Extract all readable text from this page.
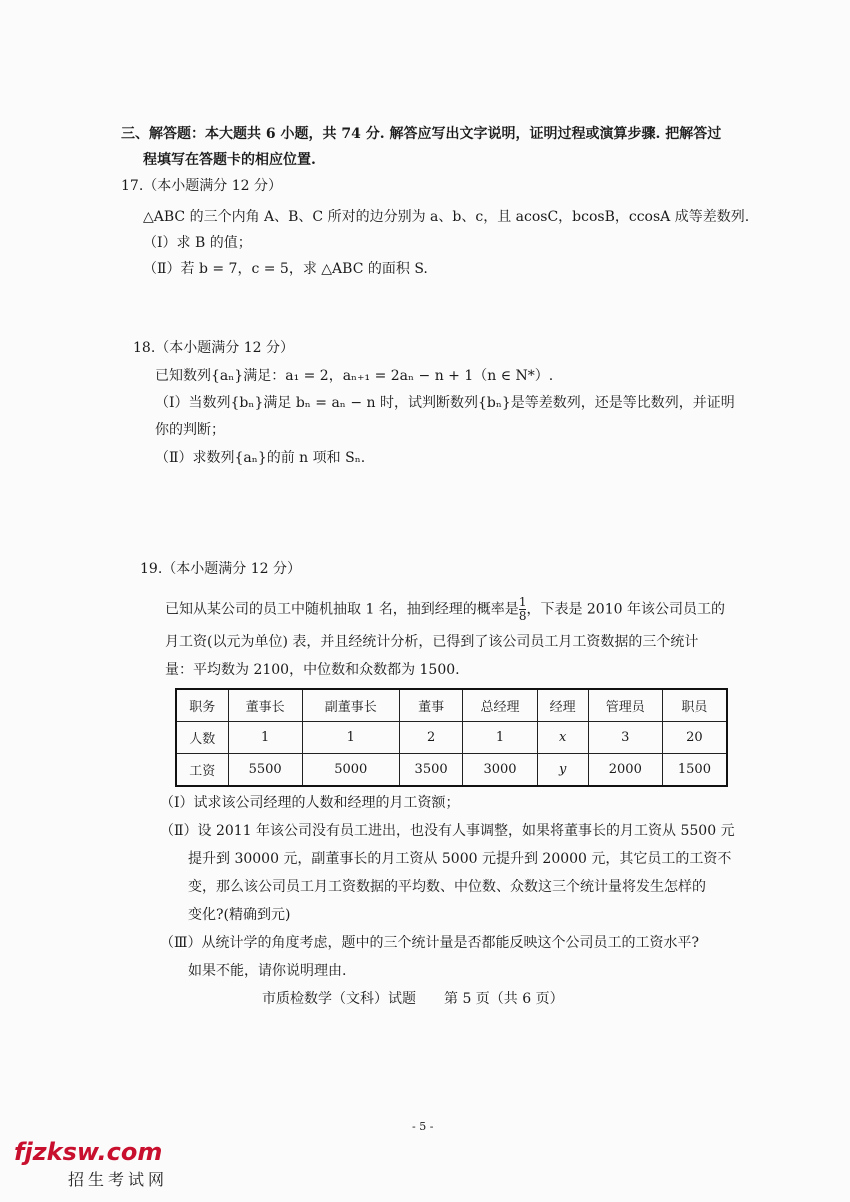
三、解答题：本大题共 6 小题，共 74 分. 解答应写出文字说明，证明过程或演算步骤. 把解答过
程填写在答题卡的相应位置.
17.（本小题满分 12 分）
△ABC 的三个内角 A、B、C 所对的边分别为 a、b、c，且 acosC，bcosB，ccosA 成等差数列.
（Ⅰ）求 B 的值；
（Ⅱ）若 b = 7，c = 5，求 △ABC 的面积 S.
18.（本小题满分 12 分）
已知数列{aₙ}满足：a₁ = 2，aₙ₊₁ = 2aₙ − n + 1（n ∈ N*）.
（Ⅰ）当数列{bₙ}满足 bₙ = aₙ − n 时，试判断数列{bₙ}是等差数列，还是等比数列，并证明
你的判断；
（Ⅱ）求数列{aₙ}的前 n 项和 Sₙ.
19.（本小题满分 12 分）
已知从某公司的员工中随机抽取 1 名，抽到经理的概率是 $\frac{1}{8}$ ，下表是 2010 年该公司员工的
月工资(以元为单位) 表，并且经统计分析，已得到了该公司员工月工资数据的三个统计
量：平均数为 2100，中位数和众数都为 1500.
职务	董事长	副董事长	董事	总经理	经理	管理员	职员
人数	1	1	2	1	x	3	20
工资	5500	5000	3500	3000	y	2000	1500
（Ⅰ）试求该公司经理的人数和经理的月工资额；
（Ⅱ）设 2011 年该公司没有员工进出，也没有人事调整，如果将董事长的月工资从 5500 元
提升到 30000 元，副董事长的月工资从 5000 元提升到 20000 元，其它员工的工资不
变，那么该公司员工月工资数据的平均数、中位数、众数这三个统计量将发生怎样的
变化?(精确到元)
（Ⅲ）从统计学的角度考虑，题中的三个统计量是否都能反映这个公司员工的工资水平?
如果不能，请你说明理由.
市质检数学（文科）试题　　第 5 页（共 6 页）
- 5 -
fjzksw.com
招生考试网
